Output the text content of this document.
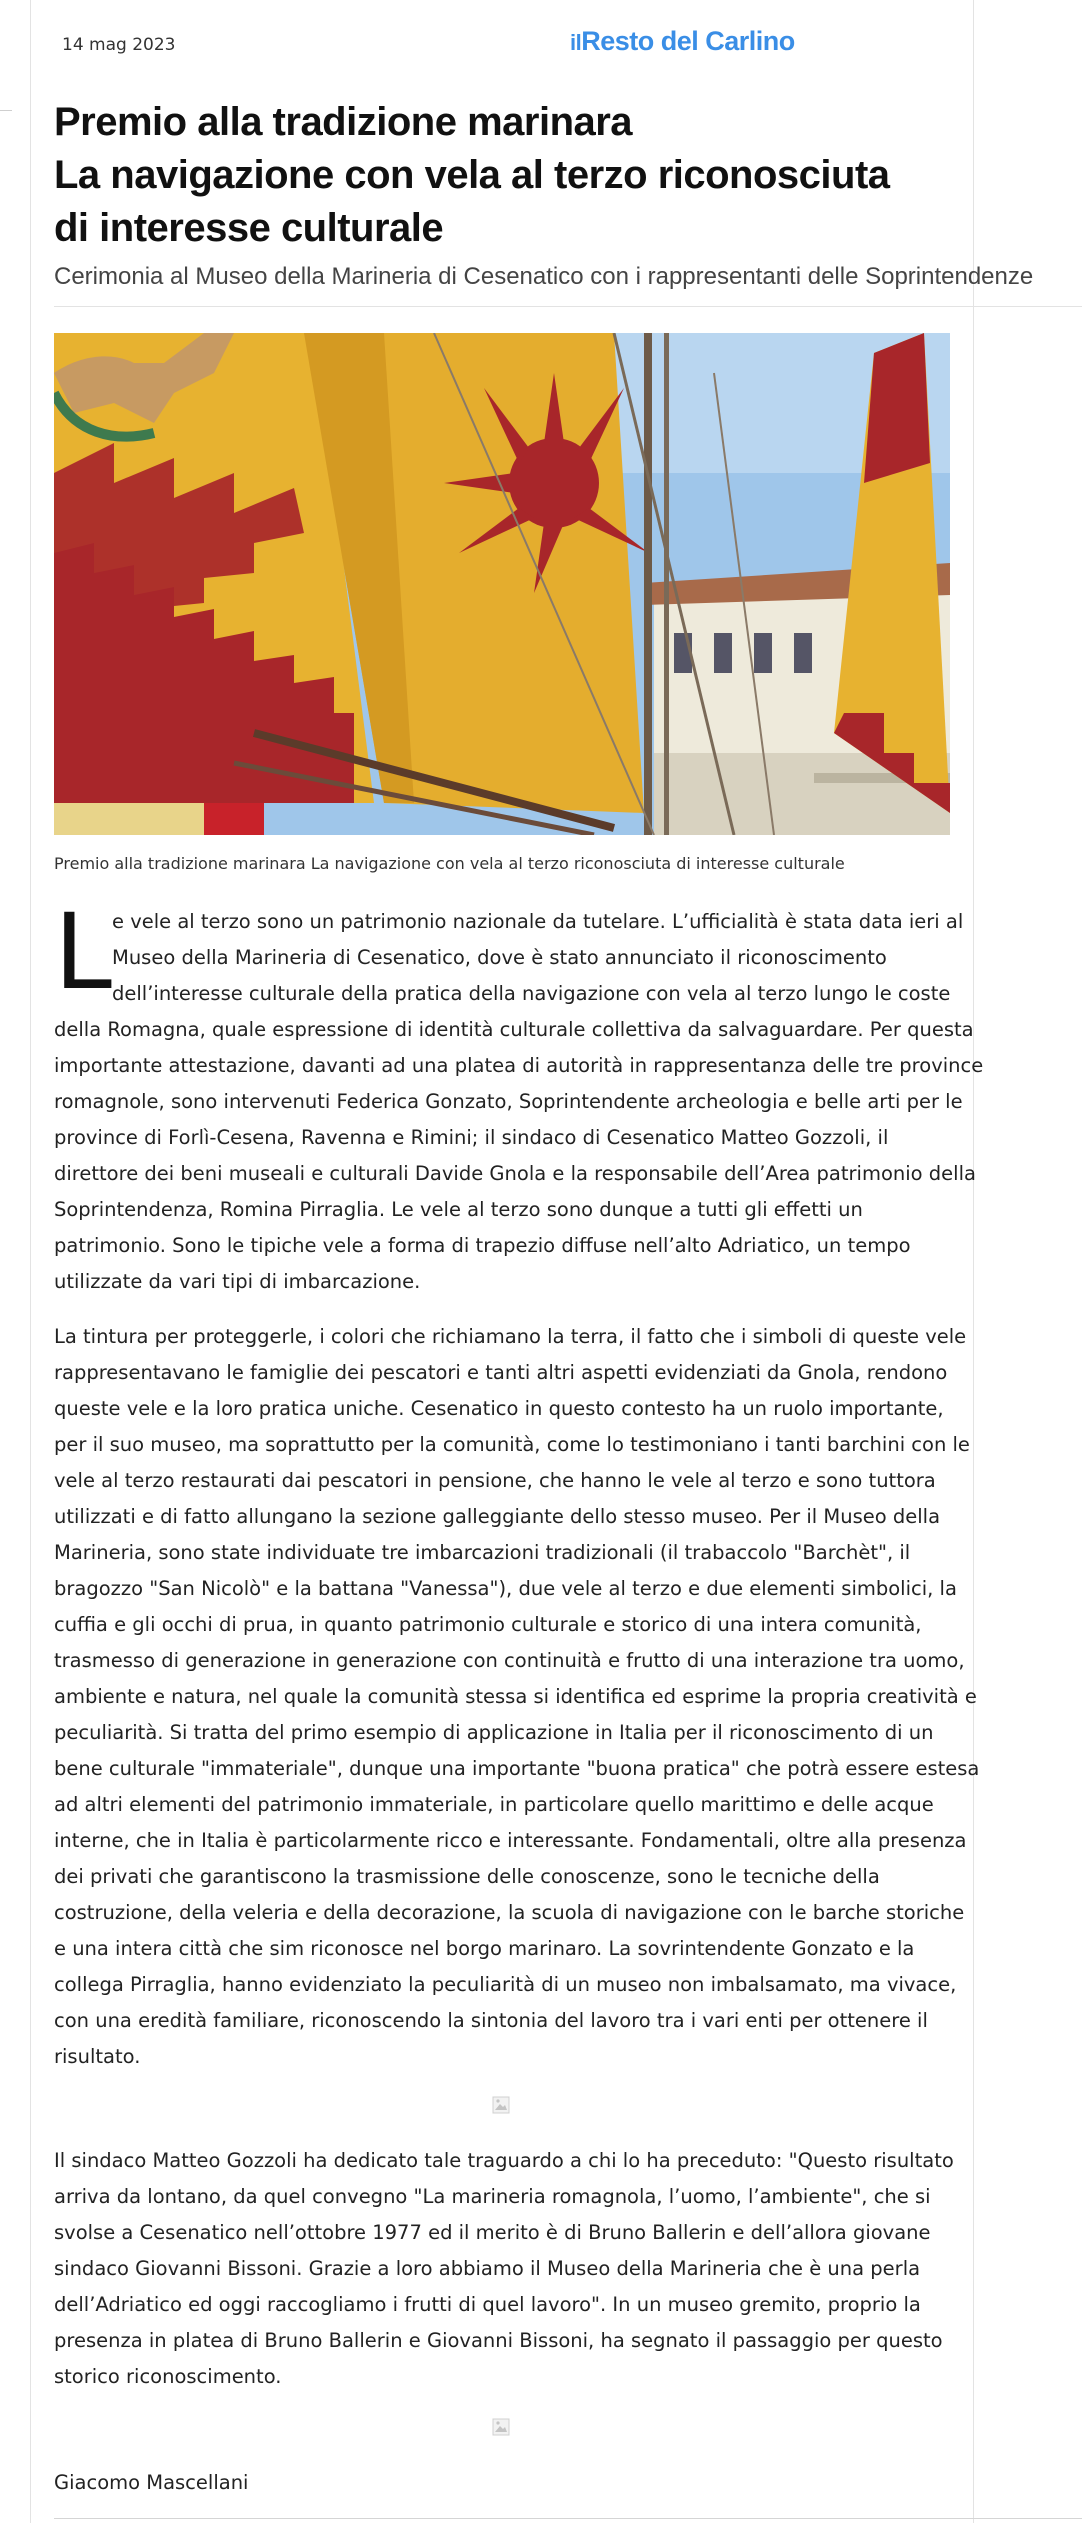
14 mag 2023	ilResto del Carlino
Premio alla tradizione marinara
La navigazione con vela al terzo riconosciuta
di interesse culturale
Cerimonia al Museo della Marineria di Cesenatico con i rappresentanti delle Soprintendenze
Premio alla tradizione marinara La navigazione con vela al terzo riconosciuta di interesse culturale
L e vele al terzo sono un patrimonio nazionale da tutelare. L’ufficialità è stata data ieri al
Museo della Marineria di Cesenatico, dove è stato annunciato il riconoscimento
dell’interesse culturale della pratica della navigazione con vela al terzo lungo le coste
della Romagna, quale espressione di identità culturale collettiva da salvaguardare. Per questa
importante attestazione, davanti ad una platea di autorità in rappresentanza delle tre province
romagnole, sono intervenuti Federica Gonzato, Soprintendente archeologia e belle arti per le
province di Forlì-Cesena, Ravenna e Rimini; il sindaco di Cesenatico Matteo Gozzoli, il
direttore dei beni museali e culturali Davide Gnola e la responsabile dell’Area patrimonio della
Soprintendenza, Romina Pirraglia. Le vele al terzo sono dunque a tutti gli effetti un
patrimonio. Sono le tipiche vele a forma di trapezio diffuse nell’alto Adriatico, un tempo
utilizzate da vari tipi di imbarcazione.

La tintura per proteggerle, i colori che richiamano la terra, il fatto che i simboli di queste vele
rappresentavano le famiglie dei pescatori e tanti altri aspetti evidenziati da Gnola, rendono
queste vele e la loro pratica uniche. Cesenatico in questo contesto ha un ruolo importante,
per il suo museo, ma soprattutto per la comunità, come lo testimoniano i tanti barchini con le
vele al terzo restaurati dai pescatori in pensione, che hanno le vele al terzo e sono tuttora
utilizzati e di fatto allungano la sezione galleggiante dello stesso museo. Per il Museo della
Marineria, sono state individuate tre imbarcazioni tradizionali (il trabaccolo "Barchèt", il
bragozzo "San Nicolò" e la battana "Vanessa"), due vele al terzo e due elementi simbolici, la
cuffia e gli occhi di prua, in quanto patrimonio culturale e storico di una intera comunità,
trasmesso di generazione in generazione con continuità e frutto di una interazione tra uomo,
ambiente e natura, nel quale la comunità stessa si identifica ed esprime la propria creatività e
peculiarità. Si tratta del primo esempio di applicazione in Italia per il riconoscimento di un
bene culturale "immateriale", dunque una importante "buona pratica" che potrà essere estesa
ad altri elementi del patrimonio immateriale, in particolare quello marittimo e delle acque
interne, che in Italia è particolarmente ricco e interessante. Fondamentali, oltre alla presenza
dei privati che garantiscono la trasmissione delle conoscenze, sono le tecniche della
costruzione, della veleria e della decorazione, la scuola di navigazione con le barche storiche
e una intera città che sim riconosce nel borgo marinaro. La sovrintendente Gonzato e la
collega Pirraglia, hanno evidenziato la peculiarità di un museo non imbalsamato, ma vivace,
con una eredità familiare, riconoscendo la sintonia del lavoro tra i vari enti per ottenere il
risultato.

Il sindaco Matteo Gozzoli ha dedicato tale traguardo a chi lo ha preceduto: "Questo risultato
arriva da lontano, da quel convegno "La marineria romagnola, l’uomo, l’ambiente", che si
svolse a Cesenatico nell’ottobre 1977 ed il merito è di Bruno Ballerin e dell’allora giovane
sindaco Giovanni Bissoni. Grazie a loro abbiamo il Museo della Marineria che è una perla
dell’Adriatico ed oggi raccogliamo i frutti di quel lavoro". In un museo gremito, proprio la
presenza in platea di Bruno Ballerin e Giovanni Bissoni, ha segnato il passaggio per questo
storico riconoscimento.

Giacomo Mascellani
